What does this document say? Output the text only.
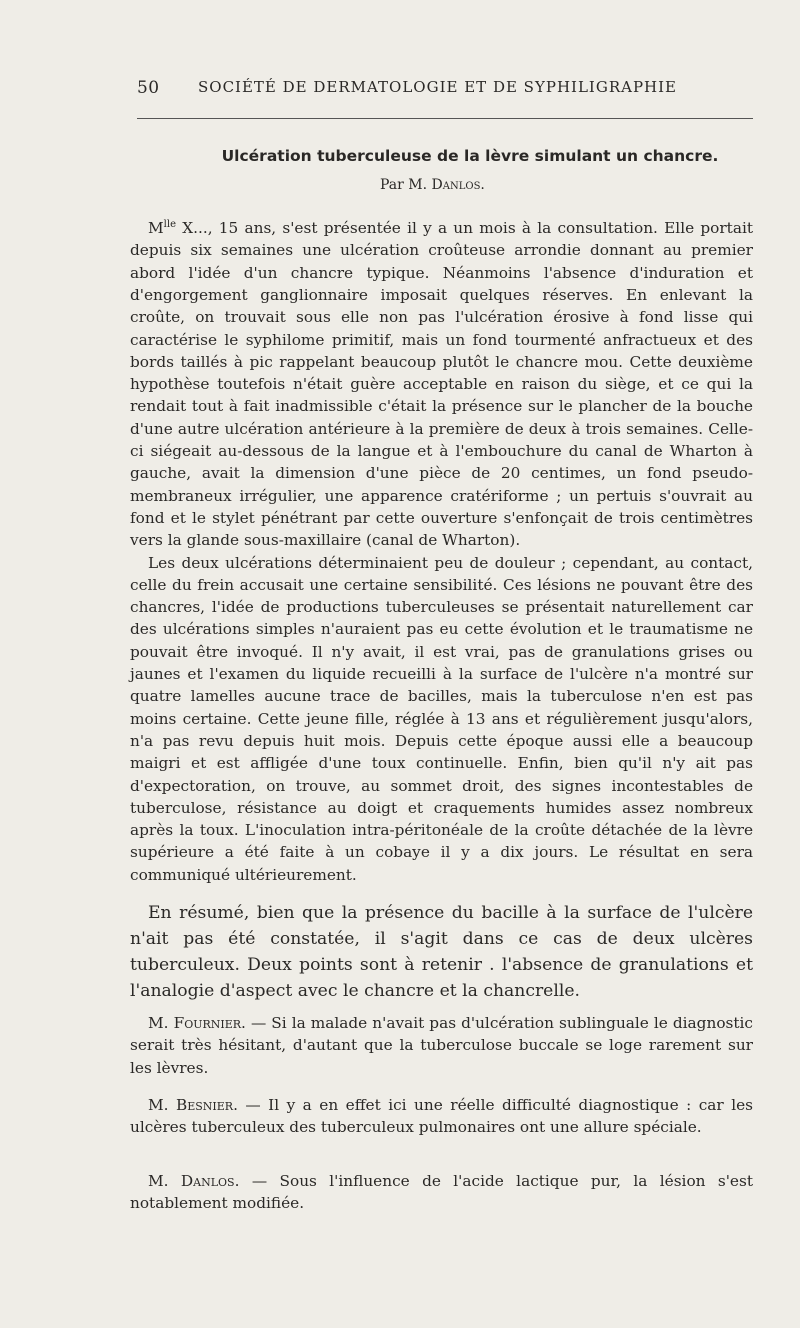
50	SOCIÉTÉ DE DERMATOLOGIE ET DE SYPHILIGRAPHIE
Ulcération tuberculeuse de la lèvre simulant un chancre.
Par M. Danlos.

$M^{lle}$ X..., 15 ans, s'est présentée il y a un mois à la consultation. Elle portait depuis six semaines une ulcération croûteuse arrondie donnant au premier abord l'idée d'un chancre typique. Néanmoins l'absence d'induration et d'engorgement ganglionnaire imposait quelques réserves. En enlevant la croûte, on trouvait sous elle non pas l'ulcération érosive à fond lisse qui caractérise le syphilome primitif, mais un fond tourmenté anfractueux et des bords taillés à pic rappelant beaucoup plutôt le chancre mou. Cette deuxième hypothèse toutefois n'était guère acceptable en raison du siège, et ce qui la rendait tout à fait inadmissible c'était la présence sur le plancher de la bouche d'une autre ulcération antérieure à la première de deux à trois semaines. Celle-ci siégeait au-dessous de la langue et à l'embouchure du canal de Wharton à gauche, avait la dimension d'une pièce de 20 centimes, un fond pseudo-membraneux irrégulier, une apparence cratériforme ; un pertuis s'ouvrait au fond et le stylet pénétrant par cette ouverture s'enfonçait de trois centimètres vers la glande sous-maxillaire (canal de Wharton).

Les deux ulcérations déterminaient peu de douleur ; cependant, au contact, celle du frein accusait une certaine sensibilité. Ces lésions ne pouvant être des chancres, l'idée de productions tuberculeuses se présentait naturellement car des ulcérations simples n'auraient pas eu cette évolution et le traumatisme ne pouvait être invoqué. Il n'y avait, il est vrai, pas de granulations grises ou jaunes et l'examen du liquide recueilli à la surface de l'ulcère n'a montré sur quatre lamelles aucune trace de bacilles, mais la tuberculose n'en est pas moins certaine. Cette jeune fille, réglée à 13 ans et régulièrement jusqu'alors, n'a pas revu depuis huit mois. Depuis cette époque aussi elle a beaucoup maigri et est affligée d'une toux continuelle. Enfin, bien qu'il n'y ait pas d'expectoration, on trouve, au sommet droit, des signes incontestables de tuberculose, résistance au doigt et craquements humides assez nombreux après la toux. L'inoculation intra-péritonéale de la croûte détachée de la lèvre supérieure a été faite à un cobaye il y a dix jours. Le résultat en sera communiqué ultérieurement.

En résumé, bien que la présence du bacille à la surface de l'ulcère n'ait pas été constatée, il s'agit dans ce cas de deux ulcères tuberculeux. Deux points sont à retenir . l'absence de granulations et l'analogie d'aspect avec le chancre et la chancrelle.

M. Fournier. — Si la malade n'avait pas d'ulcération sublinguale le diagnostic serait très hésitant, d'autant que la tuberculose buccale se loge rarement sur les lèvres.

M. Besnier. — Il y a en effet ici une réelle difficulté diagnostique : car les ulcères tuberculeux des tuberculeux pulmonaires ont une allure spéciale.

M. Danlos. — Sous l'influence de l'acide lactique pur, la lésion s'est notablement modifiée.
